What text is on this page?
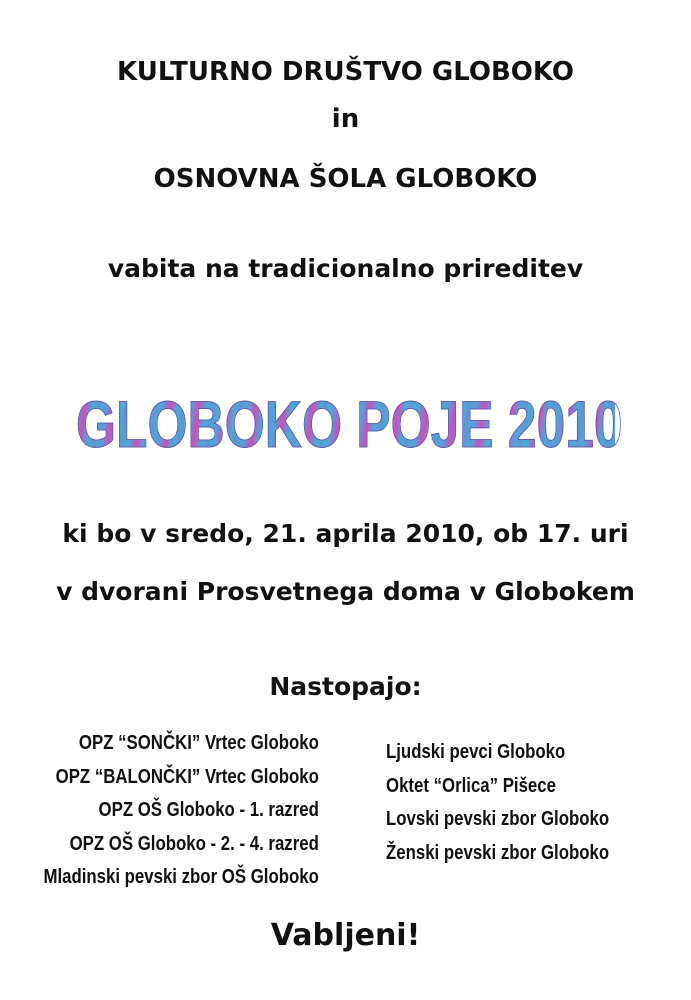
KULTURNO DRUŠTVO GLOBOKO
in
OSNOVNA ŠOLA GLOBOKO
vabita na tradicionalno prireditev
GLOBOKO POJE 2010
ki bo v sredo, 21. aprila 2010, ob 17. uri
v dvorani Prosvetnega doma v Globokem
Nastopajo:
OPZ “SONČKI” Vrtec Globoko
OPZ “BALONČKI” Vrtec Globoko
OPZ OŠ Globoko - 1. razred
OPZ OŠ Globoko - 2. - 4. razred
Mladinski pevski zbor OŠ Globoko
Ljudski pevci Globoko
Oktet “Orlica” Pišece
Lovski pevski zbor Globoko
Ženski pevski zbor Globoko
Vabljeni!
